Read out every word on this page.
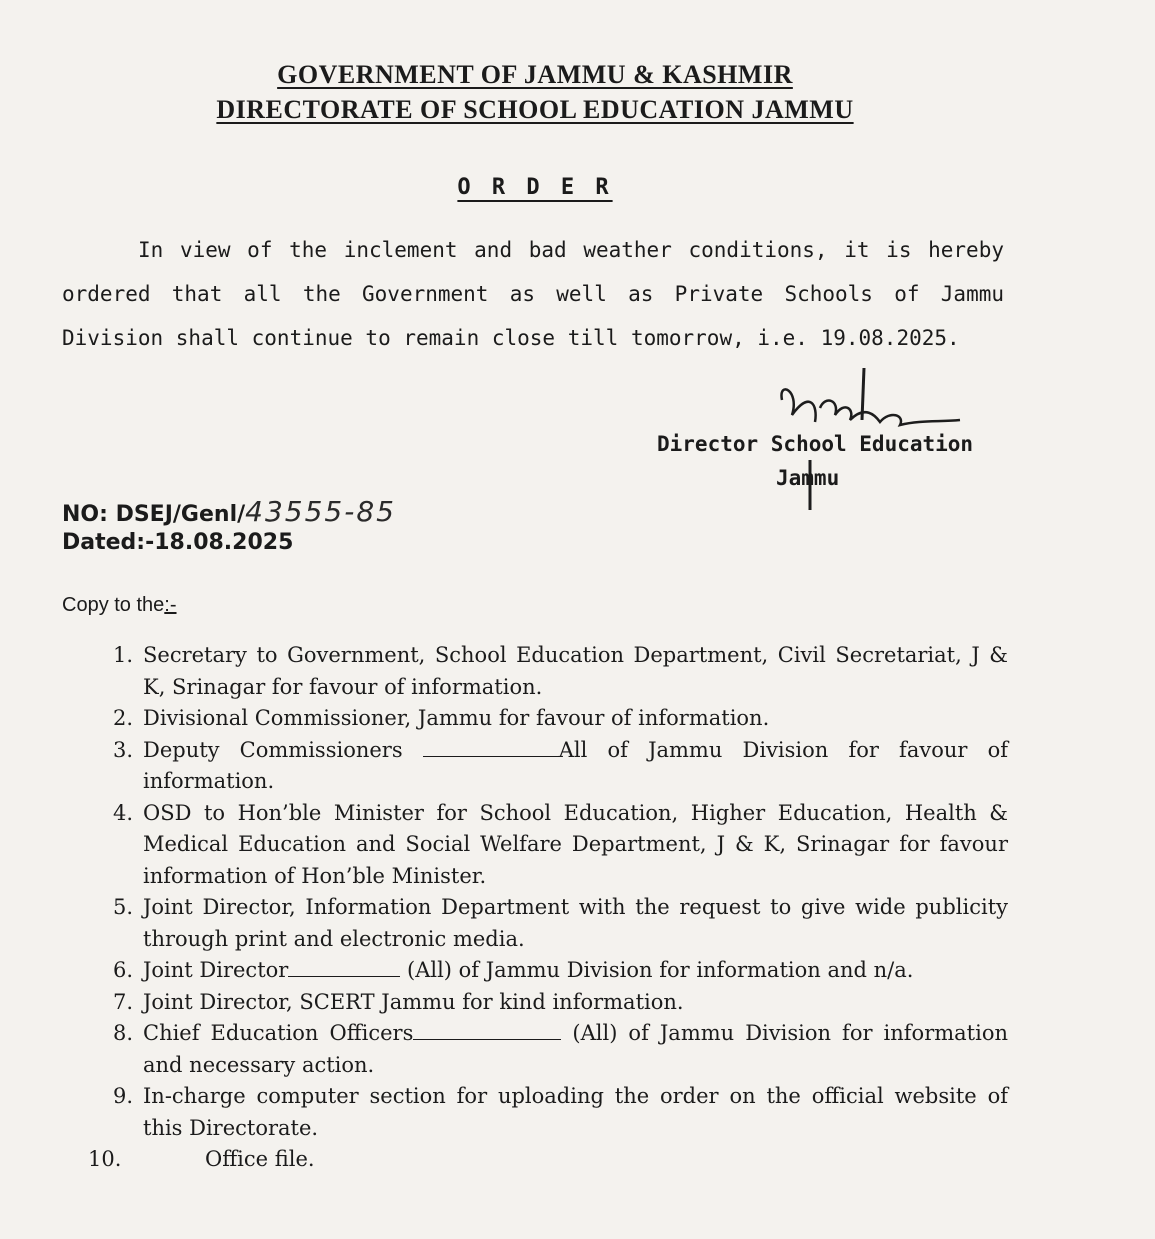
GOVERNMENT OF JAMMU & KASHMIR
DIRECTORATE OF SCHOOL EDUCATION JAMMU
O R D E R
In view of the inclement and bad weather conditions, it is hereby ordered that all the Government as well as Private Schools of Jammu Division shall continue to remain close till tomorrow, i.e. 19.08.2025.
Director School Education
Jammu
NO: DSEJ/Genl/43555-85
Dated:-18.08.2025
Copy to the:-
1. Secretary to Government, School Education Department, Civil Secretariat, J & K, Srinagar for favour of information.
2. Divisional Commissioner, Jammu for favour of information.
3. Deputy Commissioners	All of Jammu Division for favour of information.
4. OSD to Hon’ble Minister for School Education, Higher Education, Health & Medical Education and Social Welfare Department, J & K, Srinagar for favour information of Hon’ble Minister.
5. Joint Director, Information Department with the request to give wide publicity through print and electronic media.
6. Joint Director	(All) of Jammu Division for information and n/a.
7. Joint Director, SCERT Jammu for kind information.
8. Chief Education Officers	(All) of Jammu Division for information and necessary action.
9. In-charge computer section for uploading the order on the official website of this Directorate.
10.	Office file.
